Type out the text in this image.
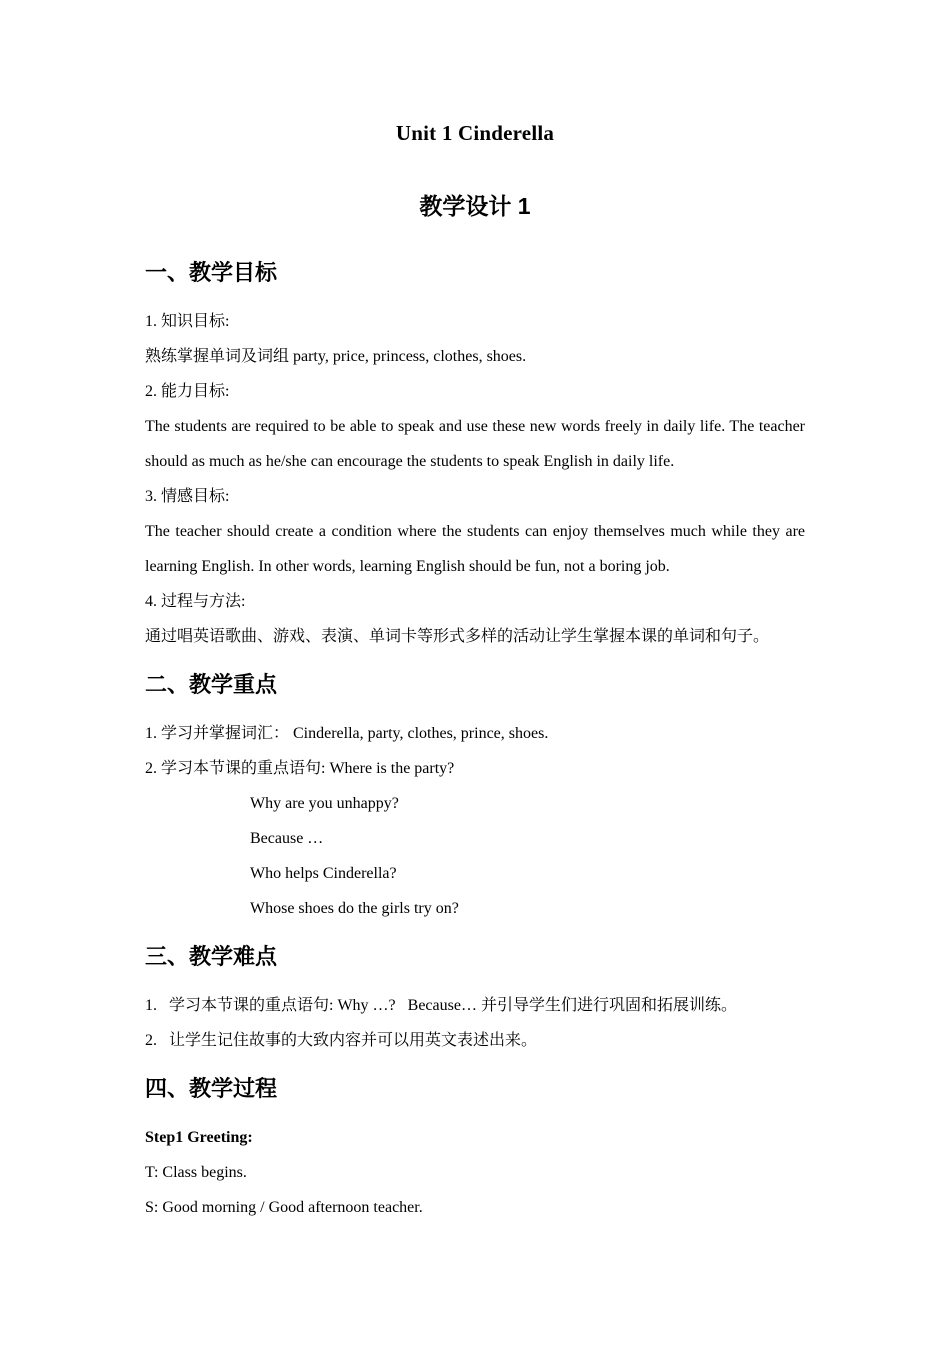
Unit 1 Cinderella
教学设计 1
一、教学目标

1. 知识目标:

熟练掌握单词及词组 party, price, princess, clothes, shoes.

2. 能力目标:

The students are required to be able to speak and use these new words freely in daily life. The teacher should as much as he/she can encourage the students to speak English in daily life.

3. 情感目标:

The teacher should create a condition where the students can enjoy themselves much while they are learning English. In other words, learning English should be fun, not a boring job.

4. 过程与方法:

通过唱英语歌曲、游戏、表演、单词卡等形式多样的活动让学生掌握本课的单词和句子。

二、教学重点

1. 学习并掌握词汇： Cinderella, party, clothes, prince, shoes.

2. 学习本节课的重点语句: Where is the party?

Why are you unhappy?

Because …

Who helps Cinderella?

Whose shoes do the girls try on?

三、教学难点

1.   学习本节课的重点语句: Why …?   Because… 并引导学生们进行巩固和拓展训练。

2.   让学生记住故事的大致内容并可以用英文表述出来。

四、教学过程

Step1 Greeting:

T: Class begins.

S: Good morning / Good afternoon teacher.
